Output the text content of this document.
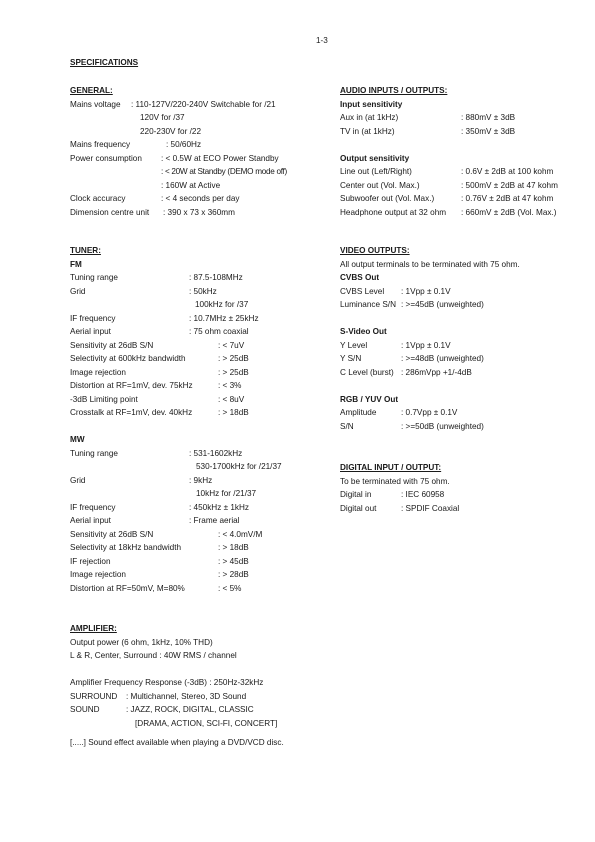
1-3
SPECIFICATIONS
GENERAL:
Mains voltage : 110-127V/220-240V Switchable for /21
120V for /37
220-230V for /22
Mains frequency	: 50/60Hz
Power consumption : < 0.5W at ECO Power Standby
: < 20W at Standby (DEMO mode off)
: 160W at Active
Clock accuracy	: < 4 seconds per day
Dimension centre unit : 390 x 73 x 360mm
TUNER:
FM
Tuning range	: 87.5-108MHz
Grid	: 50kHz
100kHz for /37
IF frequency	: 10.7MHz ± 25kHz
Aerial input	: 75 ohm coaxial
Sensitivity at 26dB S/N	: < 7uV
Selectivity at 600kHz bandwidth	: > 25dB
Image rejection	: > 25dB
Distortion at RF=1mV, dev. 75kHz	: < 3%
-3dB Limiting point	: < 8uV
Crosstalk at RF=1mV, dev. 40kHz	: > 18dB
MW
Tuning range	: 531-1602kHz
530-1700kHz for /21/37
Grid	: 9kHz
10kHz for /21/37
IF frequency	: 450kHz ± 1kHz
Aerial input	: Frame aerial
Sensitivity at 26dB S/N	: < 4.0mV/M
Selectivity at 18kHz bandwidth	: > 18dB
IF rejection	: > 45dB
Image rejection	: > 28dB
Distortion at RF=50mV, M=80%	: < 5%
AMPLIFIER:
Output power (6 ohm, 1kHz, 10% THD)
L & R, Center, Surround : 40W RMS / channel
Amplifier Frequency Response (-3dB) : 250Hz-32kHz
SURROUND : Multichannel, Stereo, 3D Sound
SOUND	: JAZZ, ROCK, DIGITAL, CLASSIC
[DRAMA, ACTION, SCI-FI, CONCERT]
[.....] Sound effect available when playing a DVD/VCD disc.
AUDIO INPUTS / OUTPUTS:
Input sensitivity
Aux in (at 1kHz)	: 880mV ± 3dB
TV in (at 1kHz)	: 350mV ± 3dB
Output sensitivity
Line out (Left/Right)	: 0.6V ± 2dB at 100 kohm
Center out (Vol. Max.)	: 500mV ± 2dB at 47 kohm
Subwoofer out (Vol. Max.)	: 0.76V ± 2dB at 47 kohm
Headphone output at 32 ohm : 660mV ± 2dB (Vol. Max.)
VIDEO OUTPUTS:
All output terminals to be terminated with 75 ohm.
CVBS Out
CVBS Level : 1Vpp ± 0.1V
Luminance S/N : >=45dB (unweighted)
S-Video Out
Y Level	: 1Vpp ± 0.1V
Y S/N	: >=48dB (unweighted)
C Level (burst) : 286mVpp +1/-4dB
RGB / YUV Out
Amplitude	: 0.7Vpp ± 0.1V
S/N	: >=50dB (unweighted)
DIGITAL INPUT / OUTPUT:
To be terminated with 75 ohm.
Digital in	: IEC 60958
Digital out	: SPDIF Coaxial
